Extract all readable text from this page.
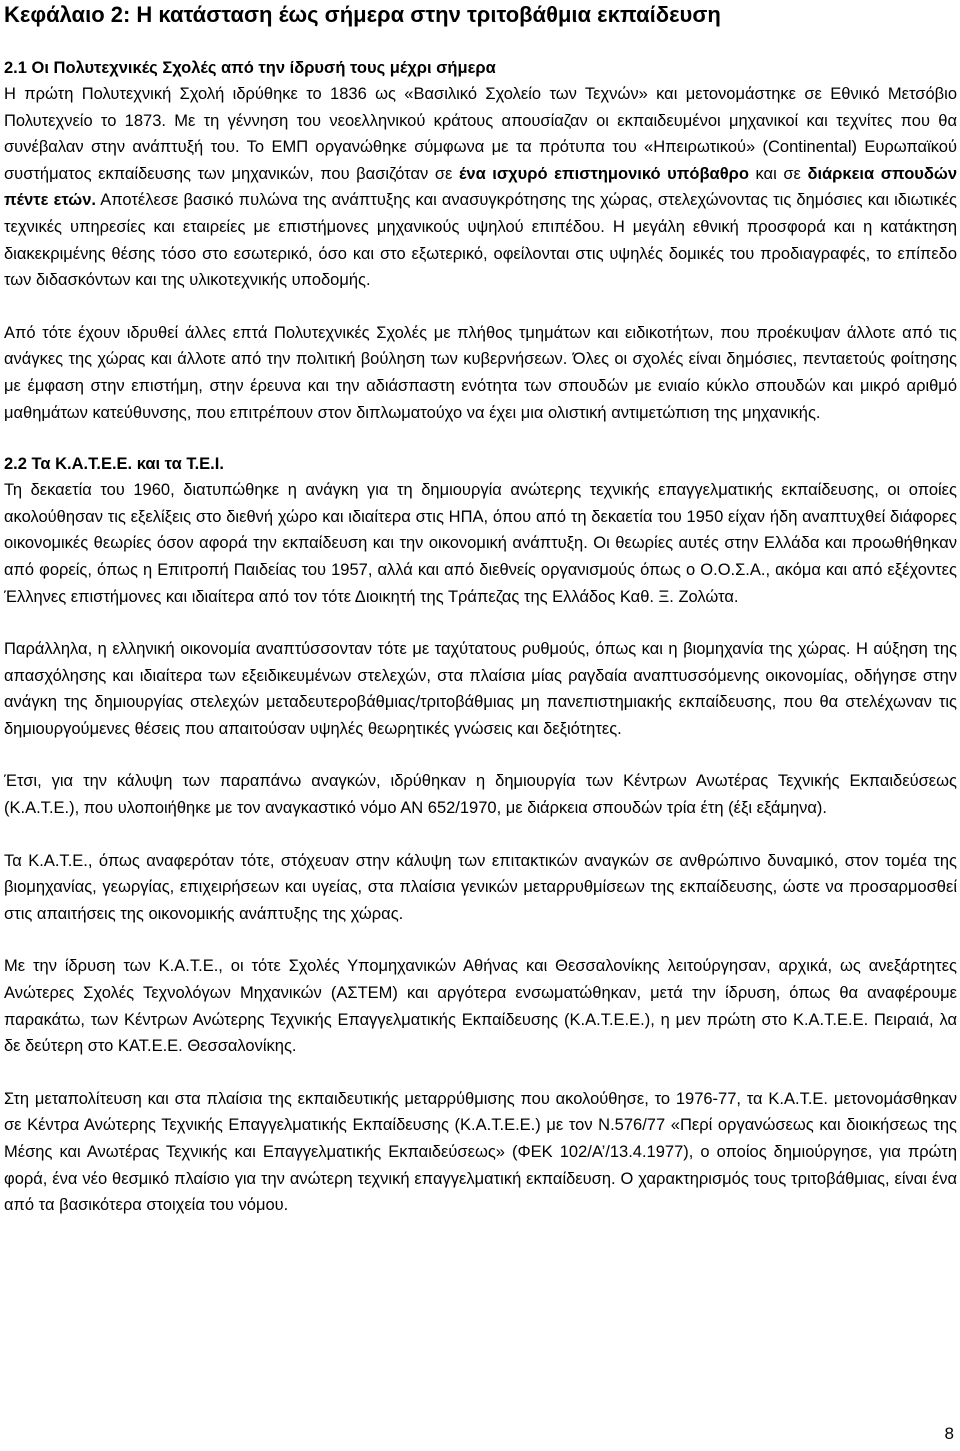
Κεφάλαιο 2: Η κατάσταση έως σήμερα στην τριτοβάθμια εκπαίδευση
2.1 Οι Πολυτεχνικές Σχολές από την ίδρυσή τους μέχρι σήμερα

Η πρώτη Πολυτεχνική Σχολή ιδρύθηκε το 1836 ως «Βασιλικό Σχολείο των Τεχνών» και μετονομάστηκε σε Εθνικό Μετσόβιο Πολυτεχνείο το 1873. Με τη γέννηση του νεοελληνικού κράτους απουσίαζαν οι εκπαιδευμένοι μηχανικοί και τεχνίτες που θα συνέβαλαν στην ανάπτυξή του. Το ΕΜΠ οργανώθηκε σύμφωνα με τα πρότυπα του «Ηπειρωτικού» (Continental) Ευρωπαϊκού συστήματος εκπαίδευσης των μηχανικών, που βασιζόταν σε ένα ισχυρό επιστημονικό υπόβαθρο και σε διάρκεια σπουδών πέντε ετών. Αποτέλεσε βασικό πυλώνα της ανάπτυξης και ανασυγκρότησης της χώρας, στελεχώνοντας τις δημόσιες και ιδιωτικές τεχνικές υπηρεσίες και εταιρείες με επιστήμονες μηχανικούς υψηλού επιπέδου. Η μεγάλη εθνική προσφορά και η κατάκτηση διακεκριμένης θέσης τόσο στο εσωτερικό, όσο και στο εξωτερικό, οφείλονται στις υψηλές δομικές του προδιαγραφές, το επίπεδο των διδασκόντων και της υλικοτεχνικής υποδομής.

Από τότε έχουν ιδρυθεί άλλες επτά Πολυτεχνικές Σχολές με πλήθος τμημάτων και ειδικοτήτων, που προέκυψαν άλλοτε από τις ανάγκες της χώρας και άλλοτε από την πολιτική βούληση των κυβερνήσεων. Όλες οι σχολές είναι δημόσιες, πενταετούς φοίτησης με έμφαση στην επιστήμη, στην έρευνα και την αδιάσπαστη ενότητα των σπουδών με ενιαίο κύκλο σπουδών και μικρό αριθμό μαθημάτων κατεύθυνσης, που επιτρέπουν στον διπλωματούχο να έχει μια ολιστική αντιμετώπιση της μηχανικής.

2.2 Τα Κ.Α.Τ.Ε.Ε. και τα Τ.Ε.Ι.

Τη δεκαετία του 1960, διατυπώθηκε η ανάγκη για τη δημιουργία ανώτερης τεχνικής επαγγελματικής εκπαίδευσης, οι οποίες ακολούθησαν τις εξελίξεις στο διεθνή χώρο και ιδιαίτερα στις ΗΠΑ, όπου από τη δεκαετία του 1950 είχαν ήδη αναπτυχθεί διάφορες οικονομικές θεωρίες όσον αφορά την εκπαίδευση και την οικονομική ανάπτυξη. Οι θεωρίες αυτές στην Ελλάδα και προωθήθηκαν από φορείς, όπως η Επιτροπή Παιδείας του 1957, αλλά και από διεθνείς οργανισμούς όπως ο Ο.Ο.Σ.Α., ακόμα και από εξέχοντες Έλληνες επιστήμονες και ιδιαίτερα από τον τότε Διοικητή της Τράπεζας της Ελλάδος Καθ. Ξ. Ζολώτα.

Παράλληλα, η ελληνική οικονομία αναπτύσσονταν τότε με ταχύτατους ρυθμούς, όπως και η βιομηχανία της χώρας. Η αύξηση της απασχόλησης και ιδιαίτερα των εξειδικευμένων στελεχών, στα πλαίσια μίας ραγδαία αναπτυσσόμενης οικονομίας, οδήγησε στην ανάγκη της δημιουργίας στελεχών μεταδευτεροβάθμιας/τριτοβάθμιας μη πανεπιστημιακής εκπαίδευσης, που θα στελέχωναν τις δημιουργούμενες θέσεις που απαιτούσαν υψηλές θεωρητικές γνώσεις και δεξιότητες.

Έτσι, για την κάλυψη των παραπάνω αναγκών, ιδρύθηκαν η δημιουργία των Κέντρων Ανωτέρας Τεχνικής Εκπαιδεύσεως (Κ.Α.Τ.Ε.), που υλοποιήθηκε με τον αναγκαστικό νόμο ΑΝ 652/1970, με διάρκεια σπουδών τρία έτη (έξι εξάμηνα).

Τα Κ.Α.Τ.Ε., όπως αναφερόταν τότε, στόχευαν στην κάλυψη των επιτακτικών αναγκών σε ανθρώπινο δυναμικό, στον τομέα της βιομηχανίας, γεωργίας, επιχειρήσεων και υγείας, στα πλαίσια γενικών μεταρρυθμίσεων της εκπαίδευσης, ώστε να προσαρμοσθεί στις απαιτήσεις της οικονομικής ανάπτυξης της χώρας.

Με την ίδρυση των Κ.Α.Τ.Ε., οι τότε Σχολές Υπομηχανικών Αθήνας και Θεσσαλονίκης λειτούργησαν, αρχικά, ως ανεξάρτητες Ανώτερες Σχολές Τεχνολόγων Μηχανικών (ΑΣΤΕΜ) και αργότερα ενσωματώθηκαν, μετά την ίδρυση, όπως θα αναφέρουμε παρακάτω, των Κέντρων Ανώτερης Τεχνικής Επαγγελματικής Εκπαίδευσης (Κ.Α.Τ.Ε.Ε.), η μεν πρώτη στο Κ.Α.Τ.Ε.Ε. Πειραιά, λα δε δεύτερη στο ΚΑΤ.Ε.Ε. Θεσσαλονίκης.

Στη μεταπολίτευση και στα πλαίσια της εκπαιδευτικής μεταρρύθμισης που ακολούθησε, το 1976-77, τα Κ.Α.Τ.Ε. μετονομάσθηκαν σε Κέντρα Ανώτερης Τεχνικής Επαγγελματικής Εκπαίδευσης (Κ.Α.Τ.Ε.Ε.) με τον Ν.576/77 «Περί οργανώσεως και διοικήσεως της Μέσης και Ανωτέρας Τεχνικής και Επαγγελματικής Εκπαιδεύσεως» (ΦΕΚ 102/Α’/13.4.1977), ο οποίος δημιούργησε, για πρώτη φορά, ένα νέο θεσμικό πλαίσιο για την ανώτερη τεχνική επαγγελματική εκπαίδευση. Ο χαρακτηρισμός τους τριτοβάθμιας, είναι ένα από τα βασικότερα στοιχεία του νόμου.

8
